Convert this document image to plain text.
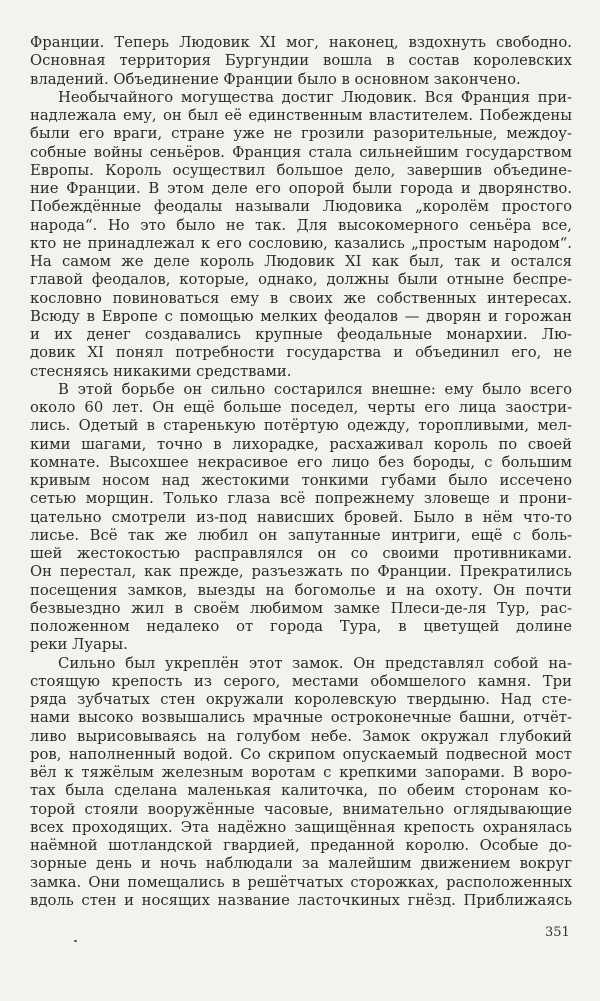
Франции. Теперь Людовик XI мог, наконец, вздохнуть свободно.
Основная территория Бургундии вошла в состав королевских
владений. Объединение Франции было в основном закончено.
Необычайного могущества достиг Людовик. Вся Франция при-
надлежала ему, он был её единственным властителем. Побеждены
были его враги, стране уже не грозили разорительные, междоу-
собные войны сеньёров. Франция стала сильнейшим государством
Европы. Король осуществил большое дело, завершив объедине-
ние Франции. В этом деле его опорой были города и дворянство.
Побеждённые феодалы называли Людовика „королём простого
народа“. Но это было не так. Для высокомерного сеньёра все,
кто не принадлежал к его сословию, казались „простым народом“.
На самом же деле король Людовик XI как был, так и остался
главой феодалов, которые, однако, должны были отныне беспре-
кословно повиноваться ему в своих же собственных интересах.
Всюду в Европе с помощью мелких феодалов — дворян и горожан
и их денег создавались крупные феодальные монархии. Лю-
довик XI понял потребности государства и объединил его, не
стесняясь никакими средствами.
В этой борьбе он сильно состарился внешне: ему было всего
около 60 лет. Он ещё больше поседел, черты его лица заостри-
лись. Одетый в старенькую потёртую одежду, торопливыми, мел-
кими шагами, точно в лихорадке, расхаживал король по своей
комнате. Высохшее некрасивое его лицо без бороды, с большим
кривым носом над жестокими тонкими губами было иссечено
сетью морщин. Только глаза всё попрежнему зловеще и прони-
цательно смотрели из-под нависших бровей. Было в нём что-то
лисье. Всё так же любил он запутанные интриги, ещё с боль-
шей жестокостью расправлялся он со своими противниками.
Он перестал, как прежде, разъезжать по Франции. Прекратились
посещения замков, выезды на богомолье и на охоту. Он почти
безвыездно жил в своём любимом замке Плеси-де-ля Тур, рас-
положенном недалеко от города Тура, в цветущей долине
реки Луары.
Сильно был укреплён этот замок. Он представлял собой на-
стоящую крепость из серого, местами обомшелого камня. Три
ряда зубчатых стен окружали королевскую твердыню. Над сте-
нами высоко возвышались мрачные остроконечные башни, отчёт-
ливо вырисовываясь на голубом небе. Замок окружал глубокий
ров, наполненный водой. Со скрипом опускаемый подвесной мост
вёл к тяжёлым железным воротам с крепкими запорами. В воро-
тах была сделана маленькая калиточка, по обеим сторонам ко-
торой стояли вооружённые часовые, внимательно оглядывающие
всех проходящих. Эта надёжно защищённая крепость охранялась
наёмной шотландской гвардией, преданной королю. Особые до-
зорные день и ночь наблюдали за малейшим движением вокруг
замка. Они помещались в решётчатых сторожках, расположенных
вдоль стен и носящих название ласточкиных гнёзд. Приближаясь
351
